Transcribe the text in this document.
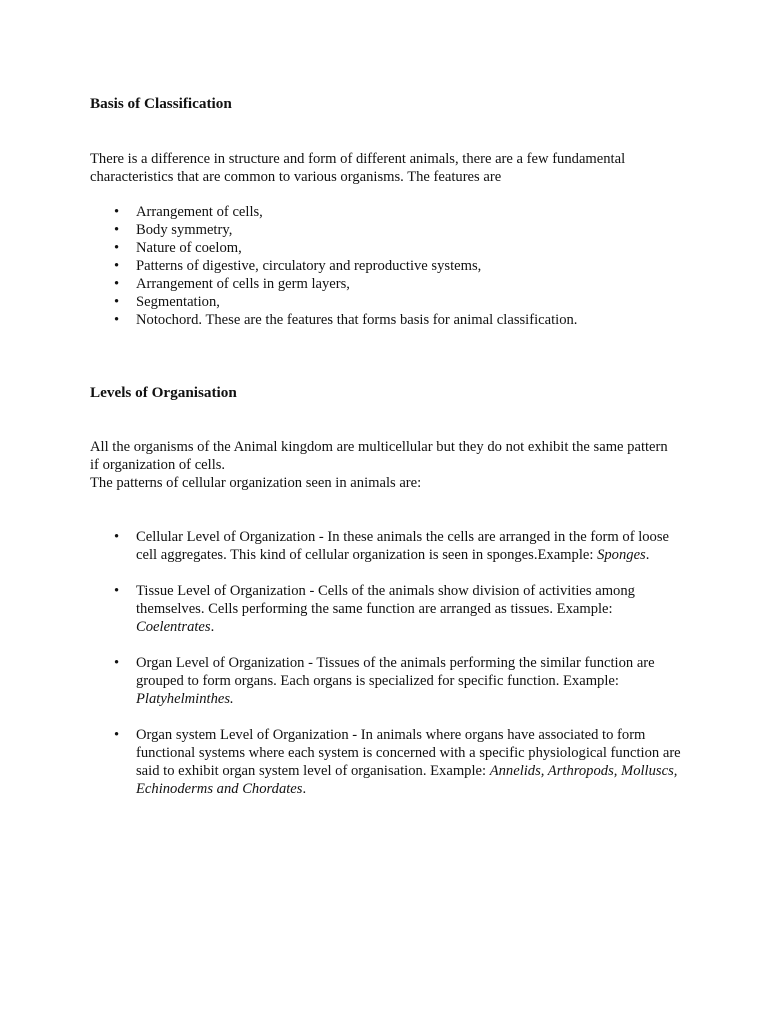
Basis of Classification

There is a difference in structure and form of different animals, there are a few fundamental characteristics that are common to various organisms. The features are

• Arrangement of cells,
• Body symmetry,
• Nature of coelom,
• Patterns of digestive, circulatory and reproductive systems,
• Arrangement of cells in germ layers,
• Segmentation,
• Notochord. These are the features that forms basis for animal classification.
Levels of Organisation

All the organisms of the Animal kingdom are multicellular but they do not exhibit the same pattern if organization of cells.
The patterns of cellular organization seen in animals are:

• Cellular Level of Organization - In these animals the cells are arranged in the form of loose cell aggregates. This kind of cellular organization is seen in sponges.Example: Sponges.
• Tissue Level of Organization - Cells of the animals show division of activities among themselves. Cells performing the same function are arranged as tissues. Example: Coelentrates.
• Organ Level of Organization - Tissues of the animals performing the similar function are grouped to form organs. Each organs is specialized for specific function. Example: Platyhelminthes.
• Organ system Level of Organization - In animals where organs have associated to form functional systems where each system is concerned with a specific physiological function are said to exhibit organ system level of organisation. Example: Annelids, Arthropods, Molluscs, Echinoderms and Chordates.
